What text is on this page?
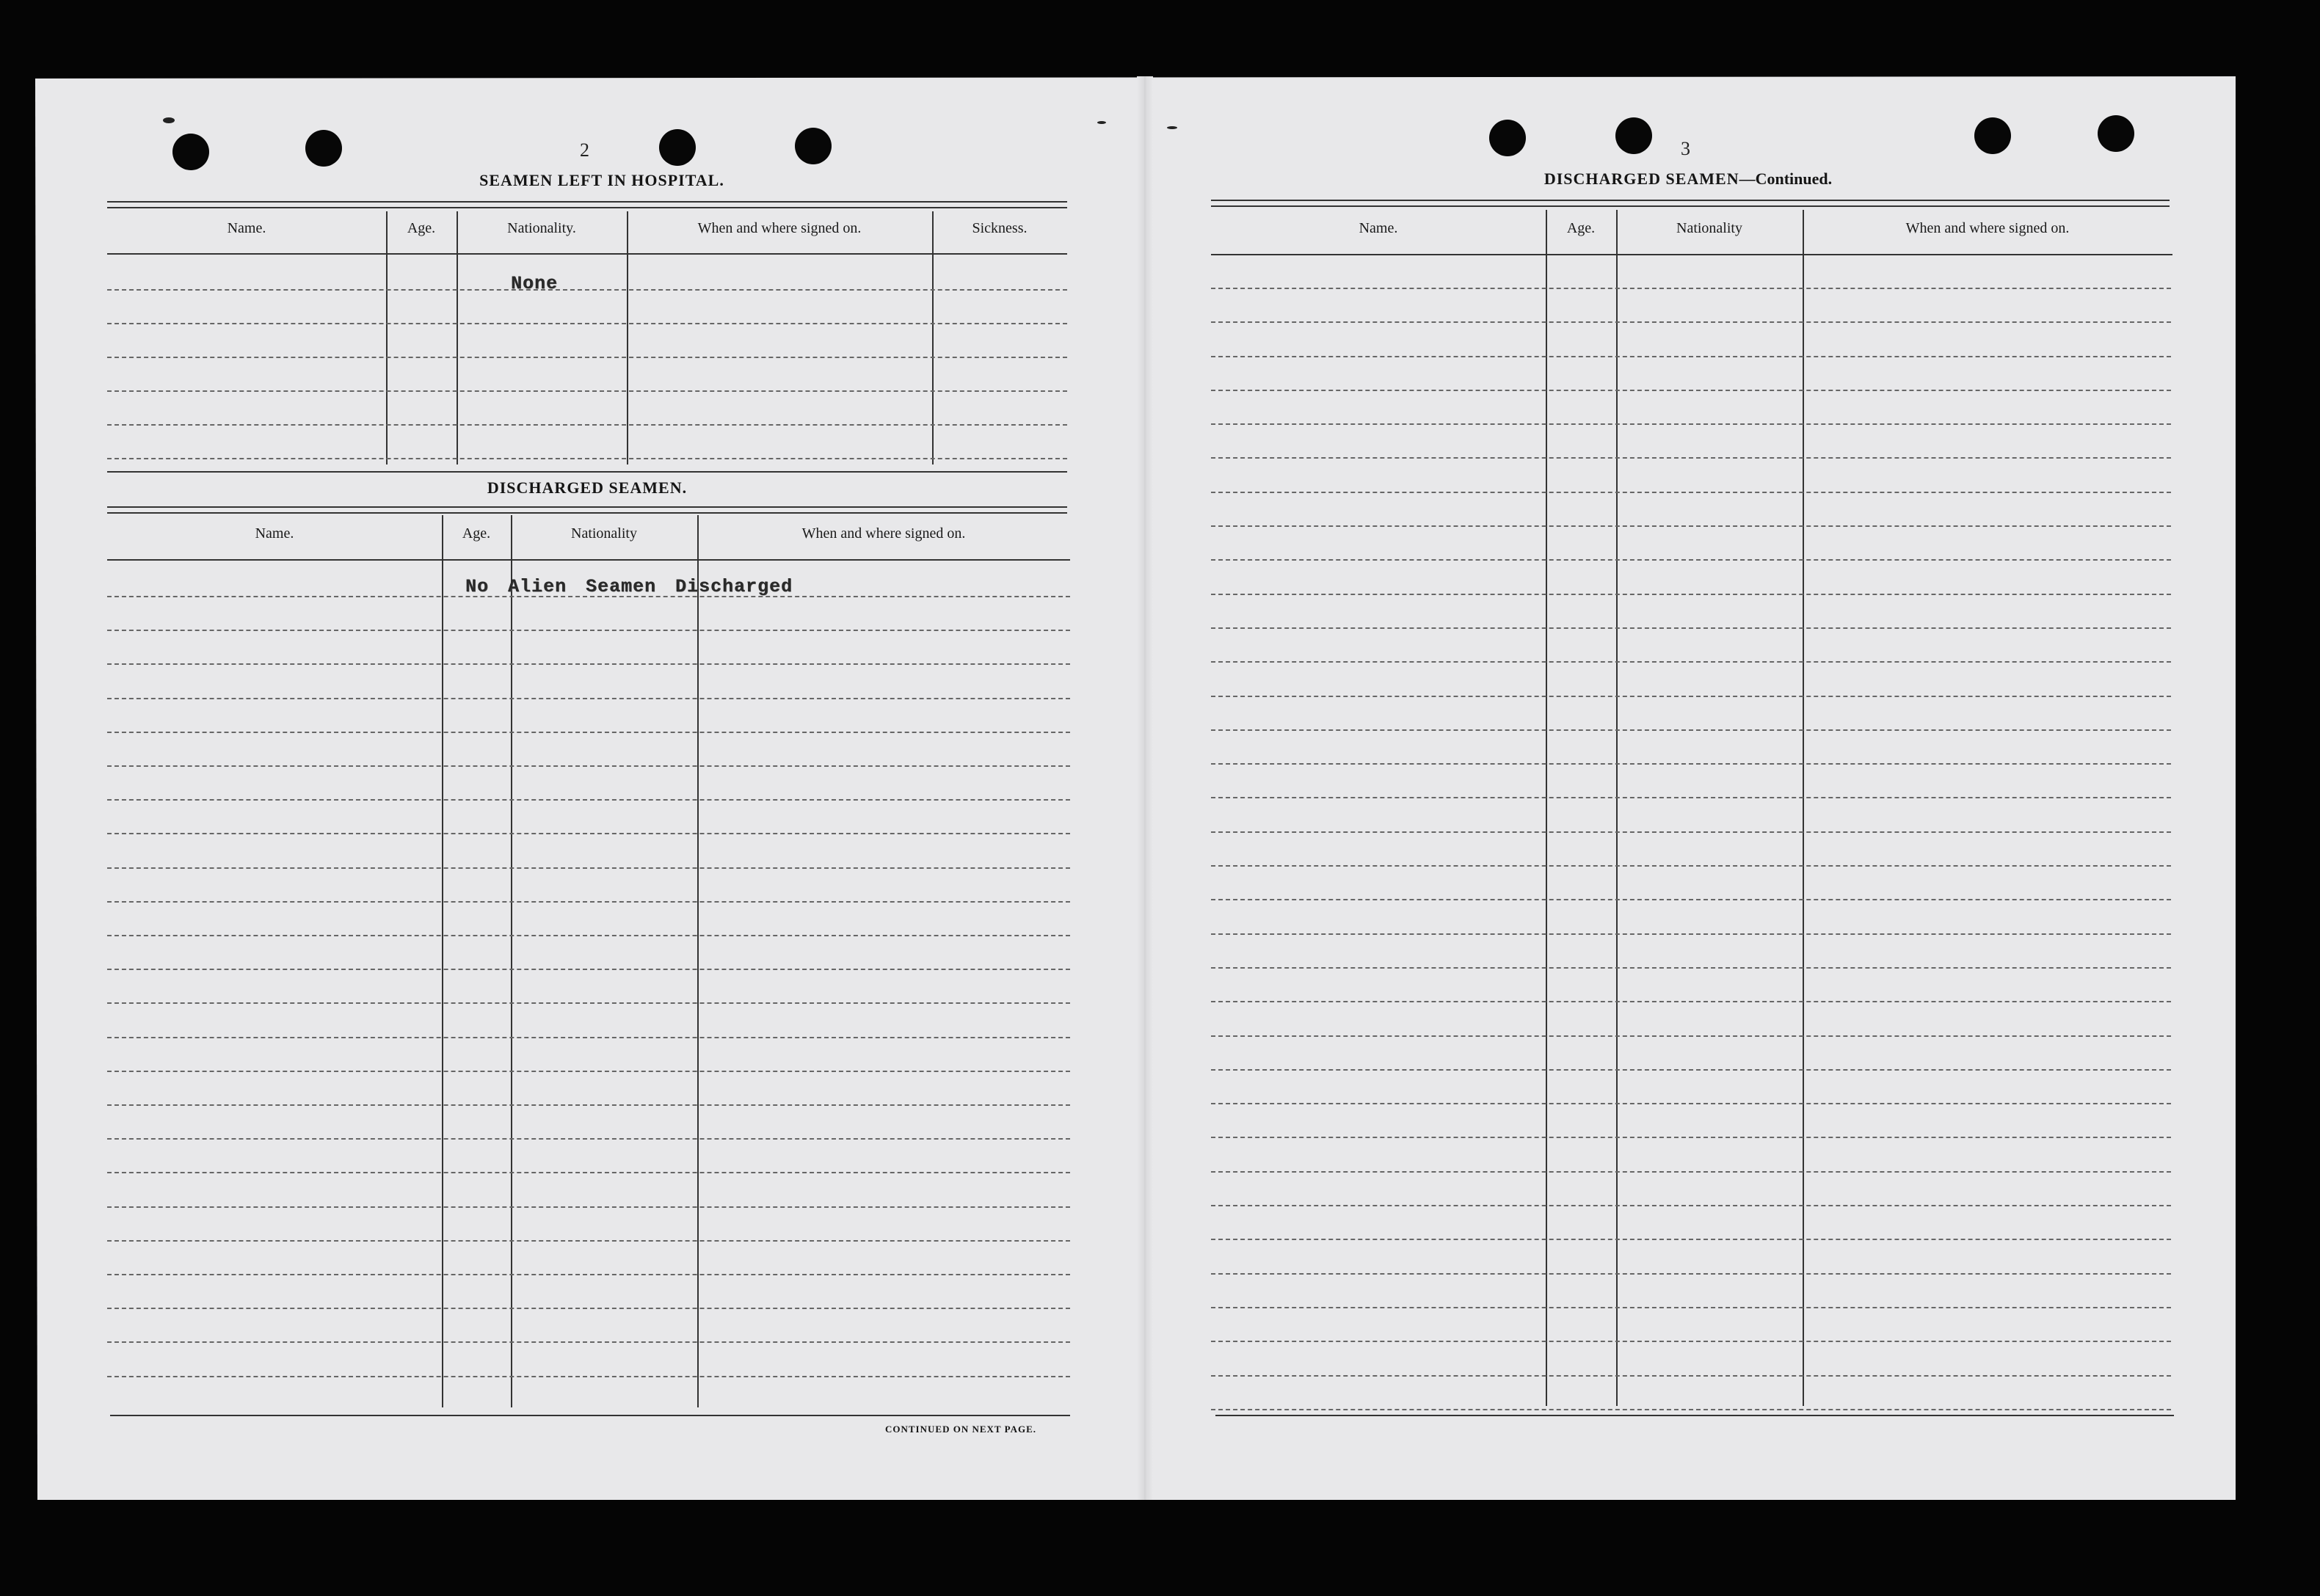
2
SEAMEN LEFT IN HOSPITAL.
Name.	Age.	Nationality.	When and where signed on.	Sickness.
None
DISCHARGED SEAMEN.
Name.	Age.	Nationality	When and where signed on.
No Alien Seamen Discharged
CONTINUED ON NEXT PAGE.
3
DISCHARGED SEAMEN—Continued.
Name.	Age.	Nationality	When and where signed on.
